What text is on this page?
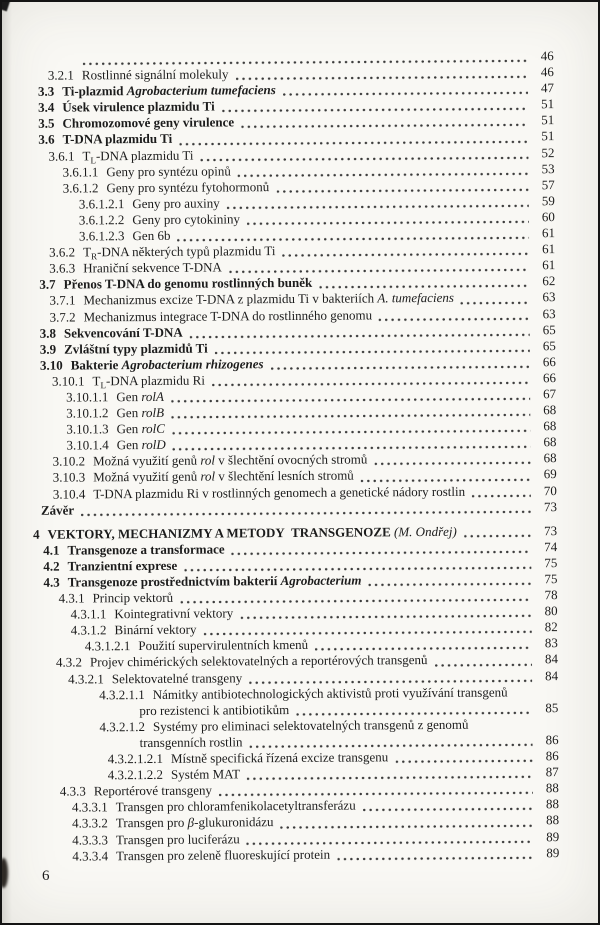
46
3.2.1 Rostlinné signální molekuly	46
3.3 Ti-plazmid Agrobacterium tumefaciens	47
3.4 Úsek virulence plazmidu Ti	51
3.5 Chromozomové geny virulence	51
3.6 T-DNA plazmidu Ti	51
3.6.1 $T_L$-DNA plazmidu Ti	52
3.6.1.1 Geny pro syntézu opinů	53
3.6.1.2 Geny pro syntézu fytohormonů	57
3.6.1.2.1 Geny pro auxiny	59
3.6.1.2.2 Geny pro cytokininy	60
3.6.1.2.3 Gen 6b	61
3.6.2 $T_R$-DNA některých typů plazmidu Ti	61
3.6.3 Hraniční sekvence T-DNA	61
3.7 Přenos T-DNA do genomu rostlinných buněk	62
3.7.1 Mechanizmus excize T-DNA z plazmidu Ti v bakteriích A. tumefaciens	63
3.7.2 Mechanizmus integrace T-DNA do rostlinného genomu	63
3.8 Sekvencování T-DNA	65
3.9 Zvláštní typy plazmidů Ti	65
3.10 Bakterie Agrobacterium rhizogenes	66
3.10.1 $T_L$-DNA plazmidu Ri	66
3.10.1.1 Gen rolA	67
3.10.1.2 Gen rolB	68
3.10.1.3 Gen rolC	68
3.10.1.4 Gen rolD	68
3.10.2 Možná využití genů rol v šlechtění ovocných stromů	68
3.10.3 Možná využití genů rol v šlechtění lesních stromů	69
3.10.4 T-DNA plazmidu Ri v rostlinných genomech a genetické nádory rostlin	70
Závěr	73
4 VEKTORY, MECHANIZMY A METODY  TRANSGENOZE (M. Ondřej)	73
4.1 Transgenoze a transformace	74
4.2 Tranzientní exprese	75
4.3 Transgenoze prostřednictvím bakterií Agrobacterium	75
4.3.1 Princip vektorů	78
4.3.1.1 Kointegrativní vektory	80
4.3.1.2 Binární vektory	82
4.3.1.2.1 Použití supervirulentních kmenů	83
4.3.2 Projev chimérických selektovatelných a reportérových transgenů	84
4.3.2.1 Selektovatelné transgeny	84
4.3.2.1.1 Námitky antibiotechnologických aktivistů proti využívání transgenů
pro rezistenci k antibiotikům	85
4.3.2.1.2 Systémy pro eliminaci selektovatelných transgenů z genomů
transgenních rostlin	86
4.3.2.1.2.1 Místně specifická řízená excize transgenu	86
4.3.2.1.2.2 Systém MAT	87
4.3.3 Reportérové transgeny	88
4.3.3.1 Transgen pro chloramfenikolacetyltransferázu	88
4.3.3.2 Transgen pro β-glukuronidázu	88
4.3.3.3 Transgen pro luciferázu	89
4.3.3.4 Transgen pro zeleně fluoreskující protein	89
6
